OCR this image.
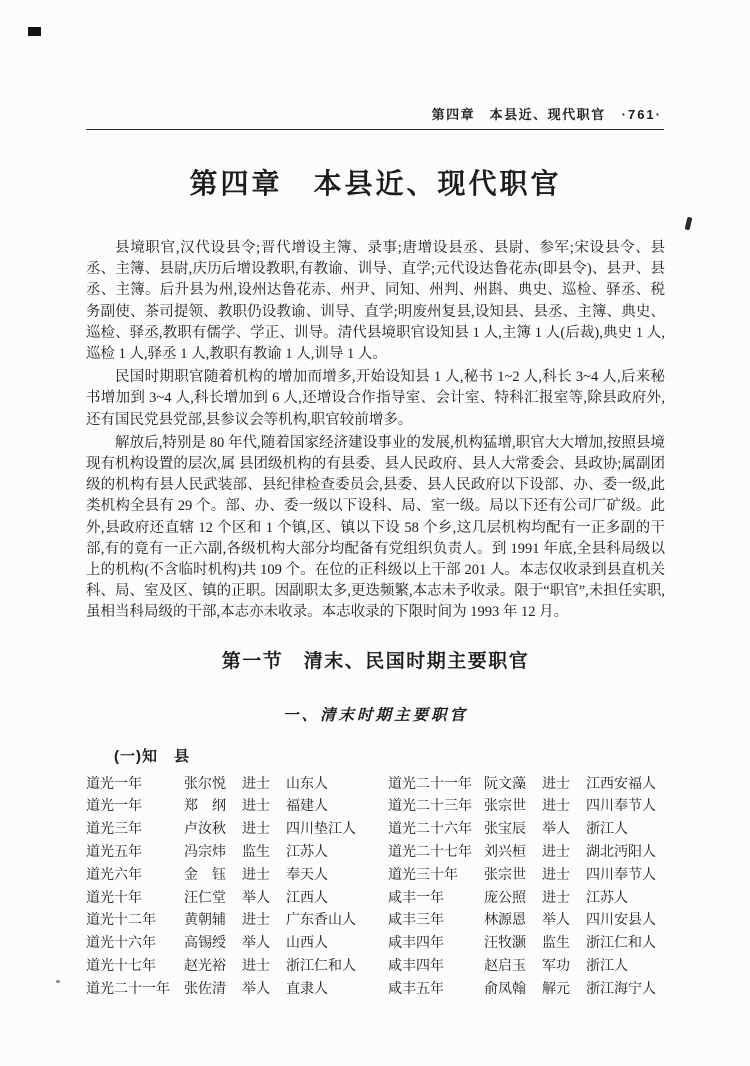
第四章　本县近、现代职官 ·761·
第四章　本县近、现代职官

县境职官,汉代设县令;晋代增设主簿、录事;唐增设县丞、县尉、参军;宋设县令、县丞、主簿、县尉,庆历后增设教职,有教谕、训导、直学;元代设达鲁花赤(即县令)、县尹、县丞、主簿。后升县为州,设州达鲁花赤、州尹、同知、州判、州斟、典史、巡检、驿丞、税务副使、茶司提领、教职仍设教谕、训导、直学;明废州复县,设知县、县丞、主簿、典史、巡检、驿丞,教职有儒学、学正、训导。清代县境职官设知县 1 人,主簿 1 人(后裁),典史 1 人,巡检 1 人,驿丞 1 人,教职有教谕 1 人,训导 1 人。

民国时期职官随着机构的增加而增多,开始设知县 1 人,秘书 1~2 人,科长 3~4 人,后来秘书增加到 3~4 人,科长增加到 6 人,还增设合作指导室、会计室、特科汇报室等,除县政府外,还有国民党县党部,县参议会等机构,职官较前增多。

解放后,特别是 80 年代,随着国家经济建设事业的发展,机构猛增,职官大大增加,按照县境现有机构设置的层次,属 县团级机构的有县委、县人民政府、县人大常委会、县政协;属副团级的机构有县人民武装部、县纪律检查委员会,县委、县人民政府以下设部、办、委一级,此类机构全县有 29 个。部、办、委一级以下设科、局、室一级。局以下还有公司厂矿级。此外,县政府还直辖 12 个区和 1 个镇,区、镇以下设 58 个乡,这几层机构均配有一正多副的干部,有的竟有一正六副,各级机构大部分均配备有党组织负责人。到 1991 年底,全县科局级以上的机构(不含临时机构)共 109 个。在位的正科级以上干部 201 人。本志仅收录到县直机关科、局、室及区、镇的正职。因副职太多,更迭频繁,本志未予收录。限于“职官”,未担任实职,虽相当科局级的干部,本志亦未收录。本志收录的下限时间为 1993 年 12 月。

第一节　清末、民国时期主要职官
一、清末时期主要职官
(一)知　县
道光一年	张尔悦	进士	山东人	道光二十一年 阮文藻	进士	江西安福人
道光一年	郑　纲	进士	福建人	道光二十三年 张宗世	进士	四川奉节人
道光三年	卢汝秋	进士	四川垫江人	道光二十六年 张宝辰	举人	浙江人
道光五年	冯宗炜	监生	江苏人	道光二十七年 刘兴桓	进士	湖北沔阳人
道光六年	金　钰	进士	奉天人	道光三十年	张宗世	进士	四川奉节人
道光十年	汪仁堂	举人	江西人	咸丰一年	庞公照	进士	江苏人
道光十二年	黄朝辅	进士	广东香山人	咸丰三年	林源恩	举人	四川安县人
道光十六年	高锡绶	举人	山西人	咸丰四年	汪牧灏	监生	浙江仁和人
道光十七年	赵光裕	进士	浙江仁和人	咸丰四年	赵启玉	军功	浙江人
道光二十一年	张佐清	举人	直隶人	咸丰五年	俞凤翰	解元	浙江海宁人
